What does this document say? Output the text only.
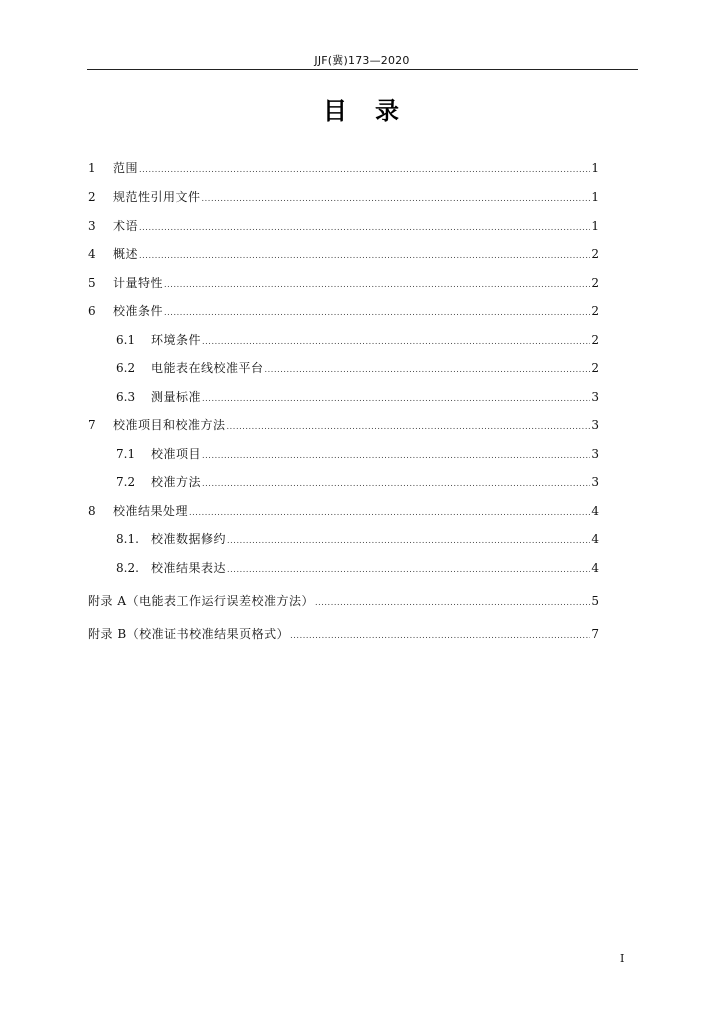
JJF(冀)173—2020
目　录
1	范围 .....	1
2	规范性引用文件 .....	1
3	术语 .....	1
4	概述 .....	2
5	计量特性 .....	2
6	校准条件 .....	2
6.1	环境条件 .....	2
6.2	电能表在线校准平台 .....	2
6.3	测量标准 .....	3
7	校准项目和校准方法 .....	3
7.1	校准项目 .....	3
7.2	校准方法 .....	3
8	校准结果处理 .....	4
8.1.	校准数据修约 .....	4
8.2.	校准结果表达 .....	4
附录 A（电能表工作运行误差校准方法） .....	5
附录 B（校准证书校准结果页格式） .....	7
I
